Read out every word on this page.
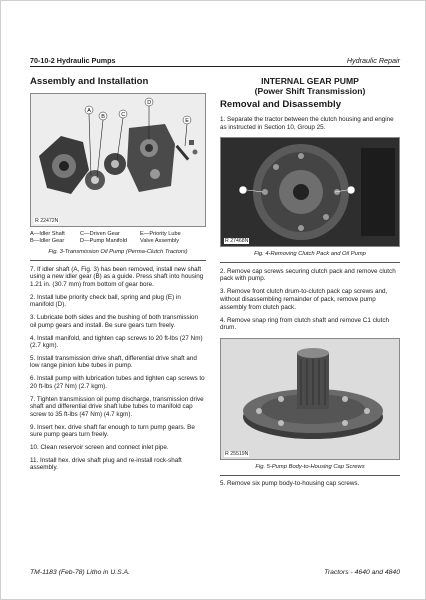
70-10-2 Hydraulic Pumps	Hydraulic Repair
Assembly and Installation
A
B	C
D
E
R 22472N
A—Idler Shaft	C—Driven Gear	E—Priority Lube
B—Idler Gear	D—Pump Manifold	Valve Assembly
Fig. 3-Transmission Oil Pump (Perma-Clutch Tractors)

7. If idler shaft (A, Fig. 3) has been removed, install new shaft using a new idler gear (B) as a guide. Press shaft into housing 1.21 in. (30.7 mm) from bottom of gear bore.

2. Install lube priority check ball, spring and plug (E) in manifold (D).

3. Lubricate both sides and the bushing of both transmission oil pump gears and install. Be sure gears turn freely.

4. Install manifold, and tighten cap screws to 20 ft-lbs (27 Nm) (2.7 kgm).

5. Install transmission drive shaft, differential drive shaft and low range pinion lube tubes in pump.

6. Install pump with lubrication tubes and tighten cap screws to 20 ft-lbs (27 Nm) (2.7 kgm).

7. Tighten transmission oil pump discharge, transmission drive shaft and differential drive shaft lube tubes to manifold cap screw to 35 ft-lbs (47 Nm) (4.7 kgm).

9. Insert hex. drive shaft far enough to turn pump gears. Be sure pump gears turn freely.

10. Clean reservoir screen and connect inlet pipe.

11. Install hex. drive shaft plug and re-install rock-shaft assembly.

INTERNAL GEAR PUMP
(Power Shift Transmission)
Removal and Disassembly

1. Separate the tractor between the clutch housing and engine as instructed in Section 10, Group 25.

R 27468N
Fig. 4-Removing Clutch Pack and Oil Pump

2. Remove cap screws securing clutch pack and remove clutch pack with pump.

3. Remove front clutch drum-to-clutch pack cap screws and, without disassembling remainder of pack, remove pump assembly from clutch pack.

4. Remove snap ring from clutch shaft and remove C1 clutch drum.

R 25519N
Fig. 5-Pump Body-to-Housing Cap Screws

5. Remove six pump body-to-housing cap screws.

TM-1183 (Feb-78) Litho in U.S.A.	Tractors - 4640 and 4840
